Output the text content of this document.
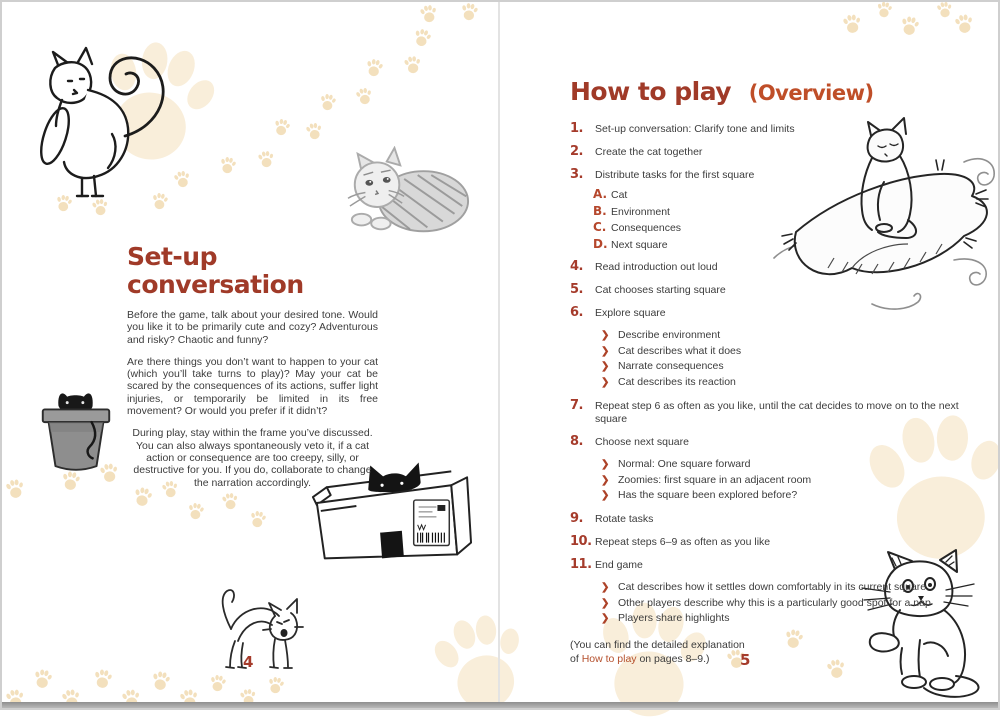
Set-up conversation

Before the game, talk about your desired tone. Would you like it to be primarily cute and cozy? Adventurous and risky? Chaotic and funny?

Are there things you don’t want to happen to your cat (which you’ll take turns to play)? May your cat be scared by the consequences of its actions, suffer light injuries, or temporarily be limited in its free movement? Or would you prefer if it didn’t?

During play, stay within the frame you’ve discussed. You can also always spontaneously veto it, if a cat action or consequence are too creepy, silly, or destructive for you. If you do, collaborate to change the narration accordingly.

4	5
How to play (Overview)
1.	Set-up conversation: Clarify tone and limits
2.	Create the cat together
3.	Distribute tasks for the first square
A. Cat
B. Environment
C. Consequences
D. Next square
4.	Read introduction out loud
5.	Cat chooses starting square
6.	Explore square
❯ Describe environment
❯ Cat describes what it does
❯ Narrate consequences
❯ Cat describes its reaction
7.	Repeat step 6 as often as you like, until the cat decides to move on to the next square
8.	Choose next square
❯ Normal: One square forward
❯ Zoomies: first square in an adjacent room
❯ Has the square been explored before?
9.	Rotate tasks
10. Repeat steps 6–9 as often as you like
11. End game
❯ Cat describes how it settles down comfortably in its current square
❯ Other players describe why this is a particularly good spot for a nap
❯ Players share highlights
(You can find the detailed explanation
of How to play on pages 8–9.)
